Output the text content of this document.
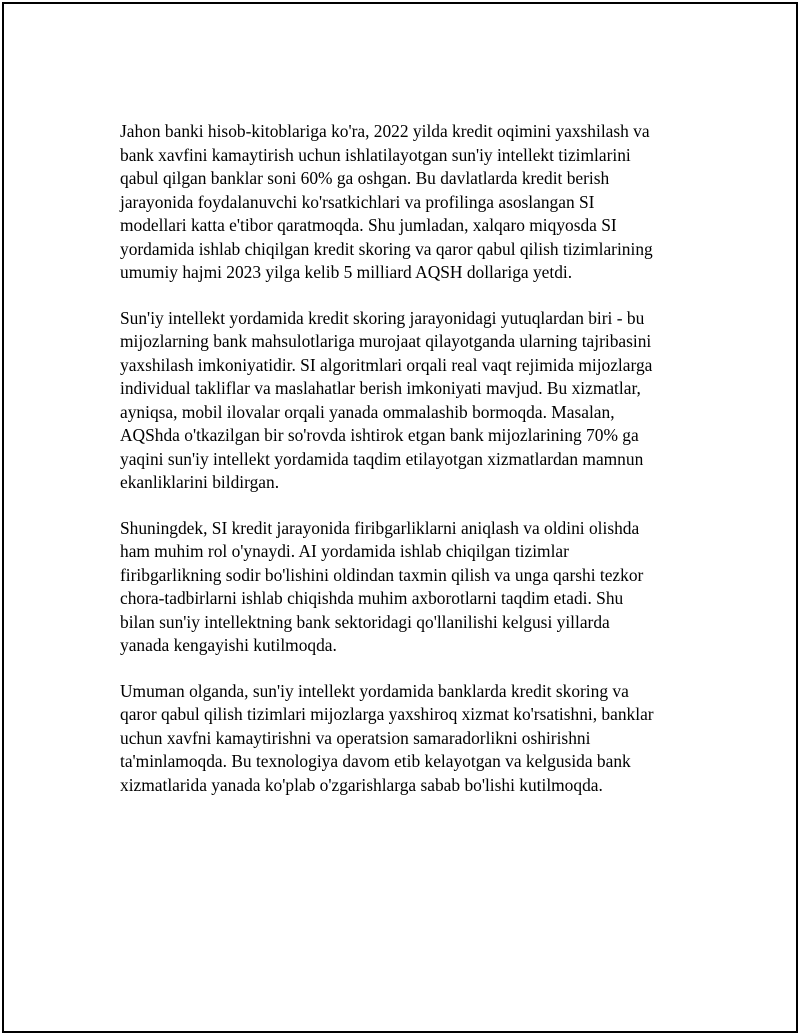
Jahon banki hisob-kitoblariga ko'ra, 2022 yilda kredit oqimini yaxshilash va
bank xavfini kamaytirish uchun ishlatilayotgan sun'iy intellekt tizimlarini
qabul qilgan banklar soni 60% ga oshgan. Bu davlatlarda kredit berish
jarayonida foydalanuvchi ko'rsatkichlari va profilinga asoslangan SI
modellari katta e'tibor qaratmoqda. Shu jumladan, xalqaro miqyosda SI
yordamida ishlab chiqilgan kredit skoring va qaror qabul qilish tizimlarining
umumiy hajmi 2023 yilga kelib 5 milliard AQSH dollariga yetdi.

Sun'iy intellekt yordamida kredit skoring jarayonidagi yutuqlardan biri - bu
mijozlarning bank mahsulotlariga murojaat qilayotganda ularning tajribasini
yaxshilash imkoniyatidir. SI algoritmlari orqali real vaqt rejimida mijozlarga
individual takliflar va maslahatlar berish imkoniyati mavjud. Bu xizmatlar,
ayniqsa, mobil ilovalar orqali yanada ommalashib bormoqda. Masalan,
AQShda o'tkazilgan bir so'rovda ishtirok etgan bank mijozlarining 70% ga
yaqini sun'iy intellekt yordamida taqdim etilayotgan xizmatlardan mamnun
ekanliklarini bildirgan.

Shuningdek, SI kredit jarayonida firibgarliklarni aniqlash va oldini olishda
ham muhim rol o'ynaydi. AI yordamida ishlab chiqilgan tizimlar
firibgarlikning sodir bo'lishini oldindan taxmin qilish va unga qarshi tezkor
chora-tadbirlarni ishlab chiqishda muhim axborotlarni taqdim etadi. Shu
bilan sun'iy intellektning bank sektoridagi qo'llanilishi kelgusi yillarda
yanada kengayishi kutilmoqda.

Umuman olganda, sun'iy intellekt yordamida banklarda kredit skoring va
qaror qabul qilish tizimlari mijozlarga yaxshiroq xizmat ko'rsatishni, banklar
uchun xavfni kamaytirishni va operatsion samaradorlikni oshirishni
ta'minlamoqda. Bu texnologiya davom etib kelayotgan va kelgusida bank
xizmatlarida yanada ko'plab o'zgarishlarga sabab bo'lishi kutilmoqda.
